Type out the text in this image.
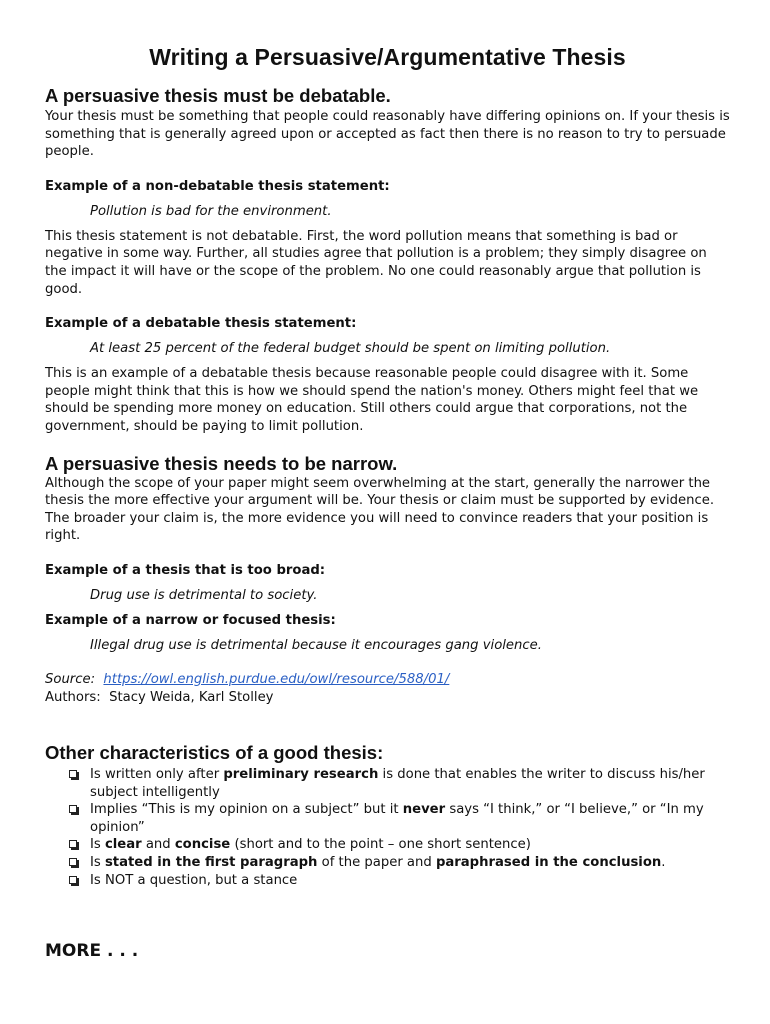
Writing a Persuasive/Argumentative Thesis
A persuasive thesis must be debatable.

Your thesis must be something that people could reasonably have differing opinions on. If your thesis is something that is generally agreed upon or accepted as fact then there is no reason to try to persuade people.

Example of a non-debatable thesis statement:

Pollution is bad for the environment.

This thesis statement is not debatable. First, the word pollution means that something is bad or negative in some way. Further, all studies agree that pollution is a problem; they simply disagree on the impact it will have or the scope of the problem. No one could reasonably argue that pollution is good.

Example of a debatable thesis statement:

At least 25 percent of the federal budget should be spent on limiting pollution.

This is an example of a debatable thesis because reasonable people could disagree with it. Some people might think that this is how we should spend the nation's money. Others might feel that we should be spending more money on education. Still others could argue that corporations, not the government, should be paying to limit pollution.

A persuasive thesis needs to be narrow.

Although the scope of your paper might seem overwhelming at the start, generally the narrower the thesis the more effective your argument will be. Your thesis or claim must be supported by evidence. The broader your claim is, the more evidence you will need to convince readers that your position is right.

Example of a thesis that is too broad:

Drug use is detrimental to society.

Example of a narrow or focused thesis:

Illegal drug use is detrimental because it encourages gang violence.

Source: https://owl.english.purdue.edu/owl/resource/588/01/

Authors: Stacy Weida, Karl Stolley

Other characteristics of a good thesis:
Is written only after preliminary research is done that enables the writer to discuss his/her subject intelligently
Implies “This is my opinion on a subject” but it never says “I think,” or “I believe,” or “In my opinion”
Is clear and concise (short and to the point – one short sentence)
Is stated in the first paragraph of the paper and paraphrased in the conclusion.
Is NOT a question, but a stance

MORE . . .
